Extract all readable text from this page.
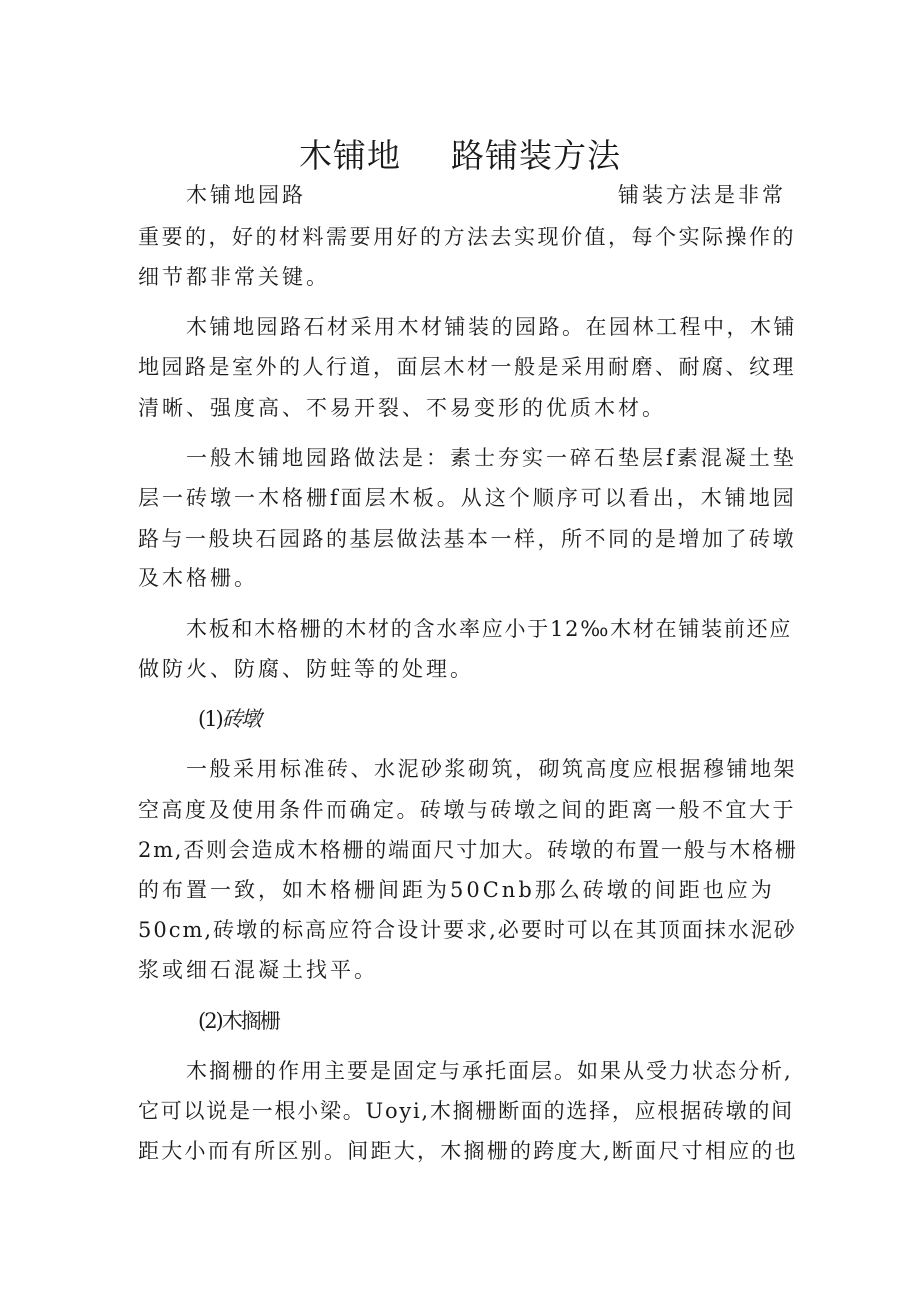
木铺地 路铺装方法
木铺地园路	铺装方法是非常
重要的，好的材料需要用好的方法去实现价值，每个实际操作的
细节都非常关键。
木铺地园路石材采用木材铺装的园路。在园林工程中，木铺
地园路是室外的人行道，面层木材一般是采用耐磨、耐腐、纹理
清晰、强度高、不易开裂、不易变形的优质木材。
一般木铺地园路做法是：素士夯实一碎石垫层f素混凝土垫
层一砖墩一木格栅f面层木板。从这个顺序可以看出，木铺地园
路与一般块石园路的基层做法基本一样，所不同的是增加了砖墩
及木格栅。
木板和木格栅的木材的含水率应小于12‰木材在铺装前还应
做防火、防腐、防蛀等的处理。
(1)砖墩
一般采用标准砖、水泥砂浆砌筑，砌筑高度应根据穆铺地架
空高度及使用条件而确定。砖墩与砖墩之间的距离一般不宜大于
2m,否则会造成木格栅的端面尺寸加大。砖墩的布置一般与木格栅
的布置一致，如木格栅间距为50Cnb那么砖墩的间距也应为
50cm,砖墩的标高应符合设计要求,必要时可以在其顶面抹水泥砂
浆或细石混凝土找平。
(2)木搁栅
木搁栅的作用主要是固定与承托面层。如果从受力状态分析,
它可以说是一根小梁。Uoyi,木搁栅断面的选择，应根据砖墩的间
距大小而有所区别。间距大，木搁栅的跨度大,断面尺寸相应的也
